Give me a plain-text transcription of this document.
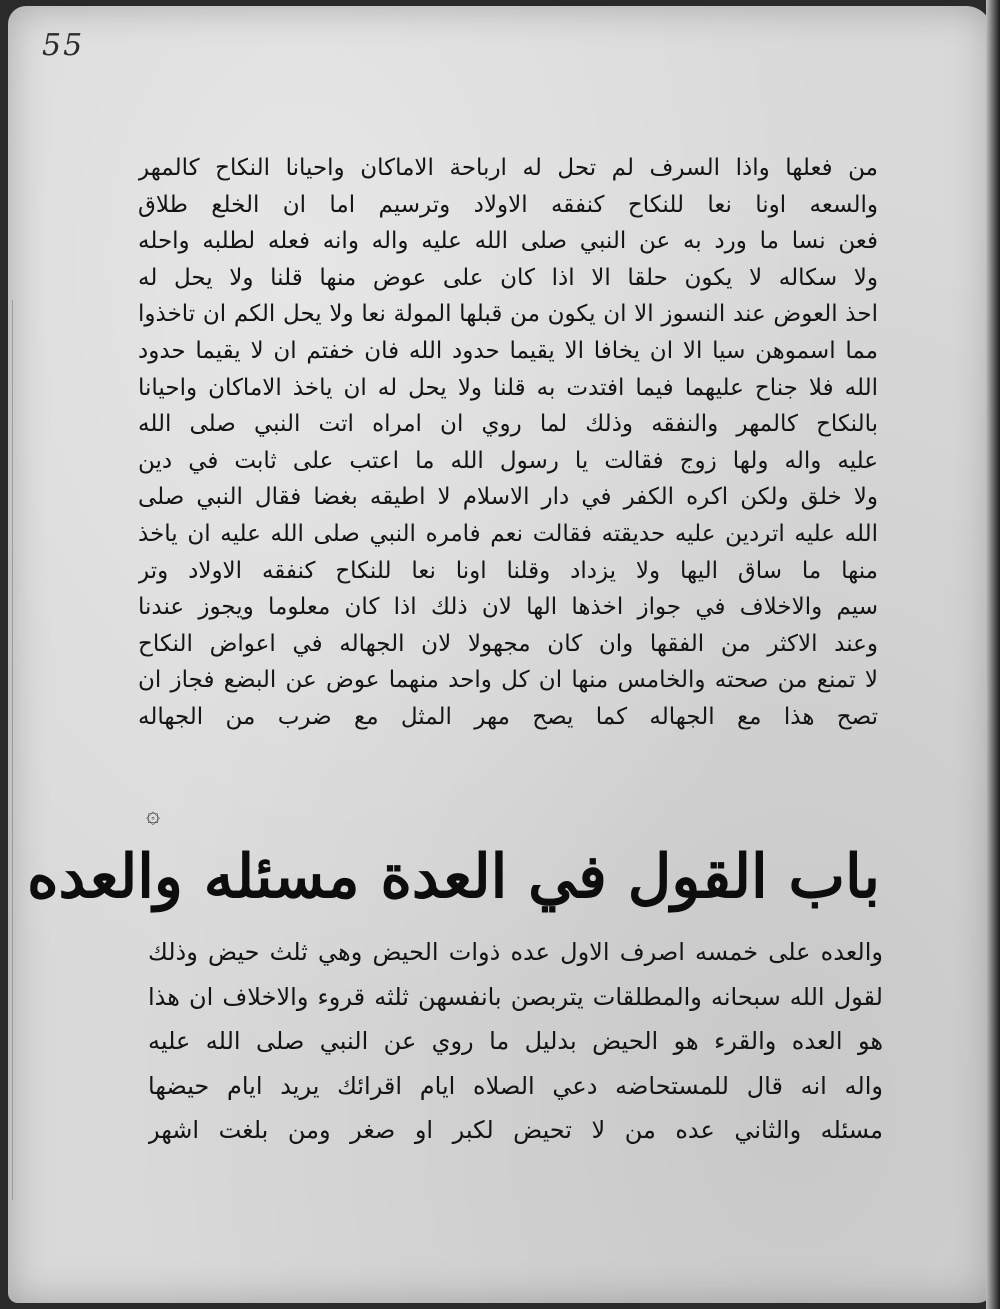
55
من فعلها واذا السرف لم تحل له ارباحة الاماكان واحيانا النكاح كالمهر
والسعه اونا نعا للنكاح كنفقه الاولاد وترسيم اما ان الخلع طلاق
فعن نسا ما ورد به عن النبي صلى الله عليه واله وانه فعله لطلبه واحله
ولا سكاله لا يكون حلقا الا اذا كان على عوض منها قلنا ولا يحل له
احذ العوض عند النسوز الا ان يكون من قبلها المولة نعا ولا يحل الكم ان تاخذوا
مما اسموهن سيا الا ان يخافا الا يقيما حدود الله فان خفتم ان لا يقيما حدود
الله فلا جناح عليهما فيما افتدت به قلنا ولا يحل له ان ياخذ الاماكان واحيانا
بالنكاح كالمهر والنفقه وذلك لما روي ان امراه اتت النبي صلى الله
عليه واله ولها زوج فقالت يا رسول الله ما اعتب على ثابت في دين
ولا خلق ولكن اكره الكفر في دار الاسلام لا اطيقه بغضا فقال النبي صلى
الله عليه اتردين عليه حديقته فقالت نعم فامره النبي صلى الله عليه ان ياخذ
منها ما ساق اليها ولا يزداد وقلنا اونا نعا للنكاح كنفقه الاولاد وتر
سيم والاخلاف في جواز اخذها الها لان ذلك اذا كان معلوما ويجوز عندنا
وعند الاكثر من الفقها وان كان مجهولا لان الجهاله في اعواض النكاح
لا تمنع من صحته والخامس منها ان كل واحد منهما عوض عن البضع فجاز ان
تصح هذا مع الجهاله كما يصح مهر المثل مع ضرب من الجهاله
۞
باب القول في العدة مسئله والعده
والعده على خمسه اصرف الاول عده ذوات الحيض وهي ثلث حيض وذلك
لقول الله سبحانه والمطلقات يتربصن بانفسهن ثلثه قروء والاخلاف ان هذا
هو العده والقرء هو الحيض بدليل ما روي عن النبي صلى الله عليه
واله انه قال للمستحاضه دعي الصلاه ايام اقرائك يريد ايام حيضها
مسئله والثاني عده من لا تحيض لكبر او صغر ومن بلغت اشهر
